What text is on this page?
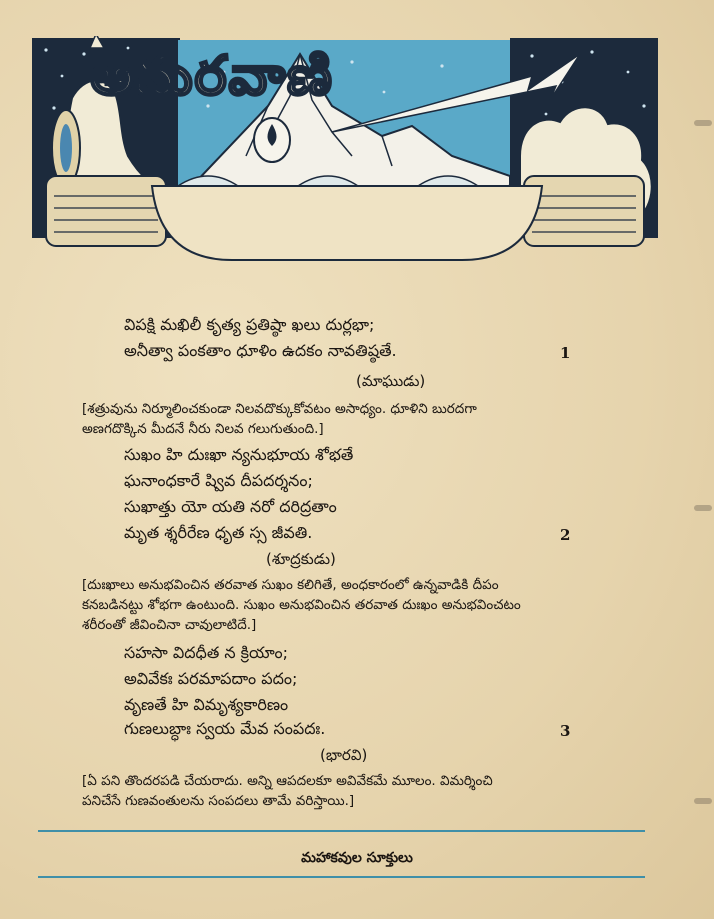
అమరవాణి
విపక్షి మఖిలీ కృత్య ప్రతిష్ఠా ఖలు దుర్లభా;
అనీత్వా పంకతాం ధూళిం ఉదకం నావతిష్ఠతే.	1
(మాఘుడు)
[శత్రువును నిర్మూలించకుండా నిలవదొక్కుకోవటం అసాధ్యం. ధూళిని బురదగా
అణగదొక్కిన మీదనే నీరు నిలవ గలుగుతుంది.]
సుఖం హి దుఃఖా న్యనుభూయ శోభతే
ఘనాంధకారే ష్వివ దీపదర్శనం;
సుఖాత్తు యో యతి నరో దరిద్రతాం
మృత శ్శరీరేణ ధృత స్స జీవతి.	2
(శూద్రకుడు)
[దుఃఖాలు అనుభవించిన తరవాత సుఖం కలిగితే, అంధకారంలో ఉన్నవాడికి దీపం
కనబడినట్టు శోభగా ఉంటుంది. సుఖం అనుభవించిన తరవాత దుఃఖం అనుభవించటం
శరీరంతో జీవించినా చావులాటిదే.]
సహసా విదధీత న క్రియాం;
అవివేకః పరమాపదాం పదం;
వృణతే హి విమృశ్యకారిణం
గుణలుబ్ధాః స్వయ మేవ సంపదః.	3
(భారవి)
[ఏ పని తొందరపడి చేయరాదు. అన్ని ఆపదలకూ అవివేకమే మూలం. విమర్శించి
పనిచేసే గుణవంతులను సంపదలు తామే వరిస్తాయి.]
మహాకవుల సూక్తులు
